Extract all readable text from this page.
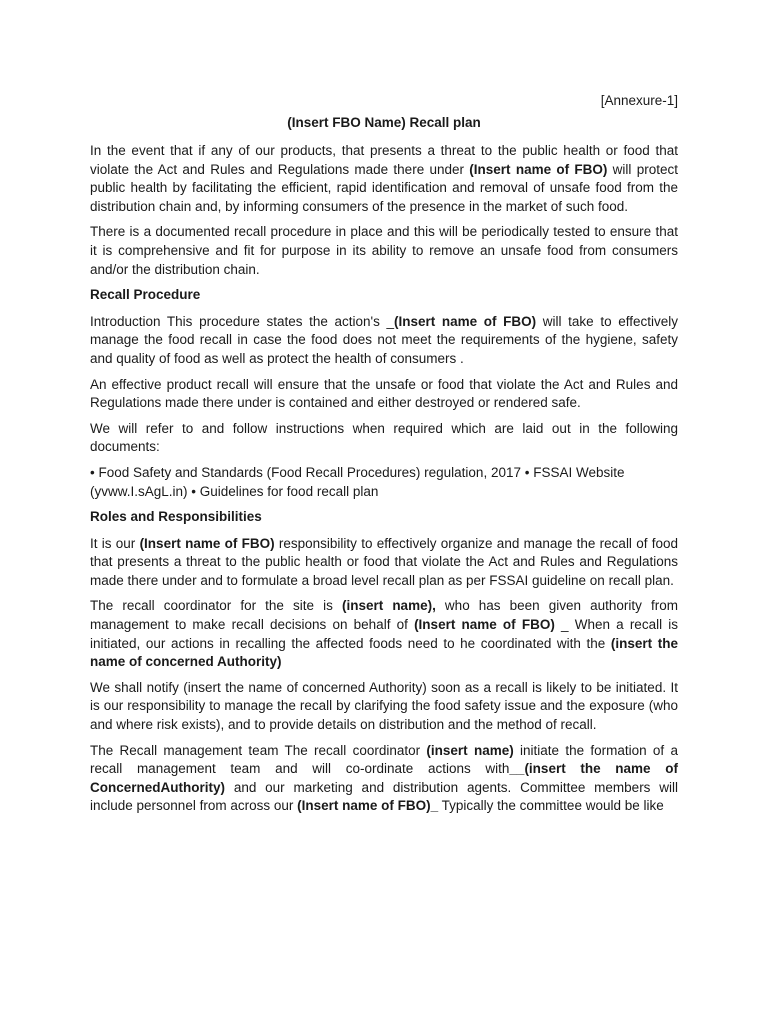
[Annexure-1]
(Insert FBO Name) Recall plan

In the event that if any of our products, that presents a threat to the public health or food that violate the Act and Rules and Regulations made there under (Insert name of FBO) will protect public health by facilitating the efficient, rapid identification and removal of unsafe food from the distribution chain and, by informing consumers of the presence in the market of such food.

There is a documented recall procedure in place and this will be periodically tested to ensure that it is comprehensive and fit for purpose in its ability to remove an unsafe food from consumers and/or the distribution chain.

Recall Procedure

Introduction This procedure states the action's _(Insert name of FBO) will take to effectively manage the food recall in case the food does not meet the requirements of the hygiene, safety and quality of food as well as protect the health of consumers .

An effective product recall will ensure that the unsafe or food that violate the Act and Rules and Regulations made there under is contained and either destroyed or rendered safe.

We will refer to and follow instructions when required which are laid out in the following documents:

• Food Safety and Standards (Food Recall Procedures) regulation, 2017 • FSSAI Website (yvww.I.sAgL.in) • Guidelines for food recall plan

Roles and Responsibilities

It is our (Insert name of FBO) responsibility to effectively organize and manage the recall of food that presents a threat to the public health or food that violate the Act and Rules and Regulations made there under and to formulate a broad level recall plan as per FSSAI guideline on recall plan.

The recall coordinator for the site is (insert name), who has been given authority from management to make recall decisions on behalf of (Insert name of FBO) _ When a recall is initiated, our actions in recalling the affected foods need to he coordinated with the (insert the name of concerned Authority)

We shall notify (insert the name of concerned Authority) soon as a recall is likely to be initiated. It is our responsibility to manage the recall by clarifying the food safety issue and the exposure (who and where risk exists), and to provide details on distribution and the method of recall.

The Recall management team The recall coordinator (insert name) initiate the formation of a recall management team and will co-ordinate actions with__(insert the name of ConcernedAuthority) and our marketing and distribution agents. Committee members will include personnel from across our (Insert name of FBO)_ Typically the committee would be like
